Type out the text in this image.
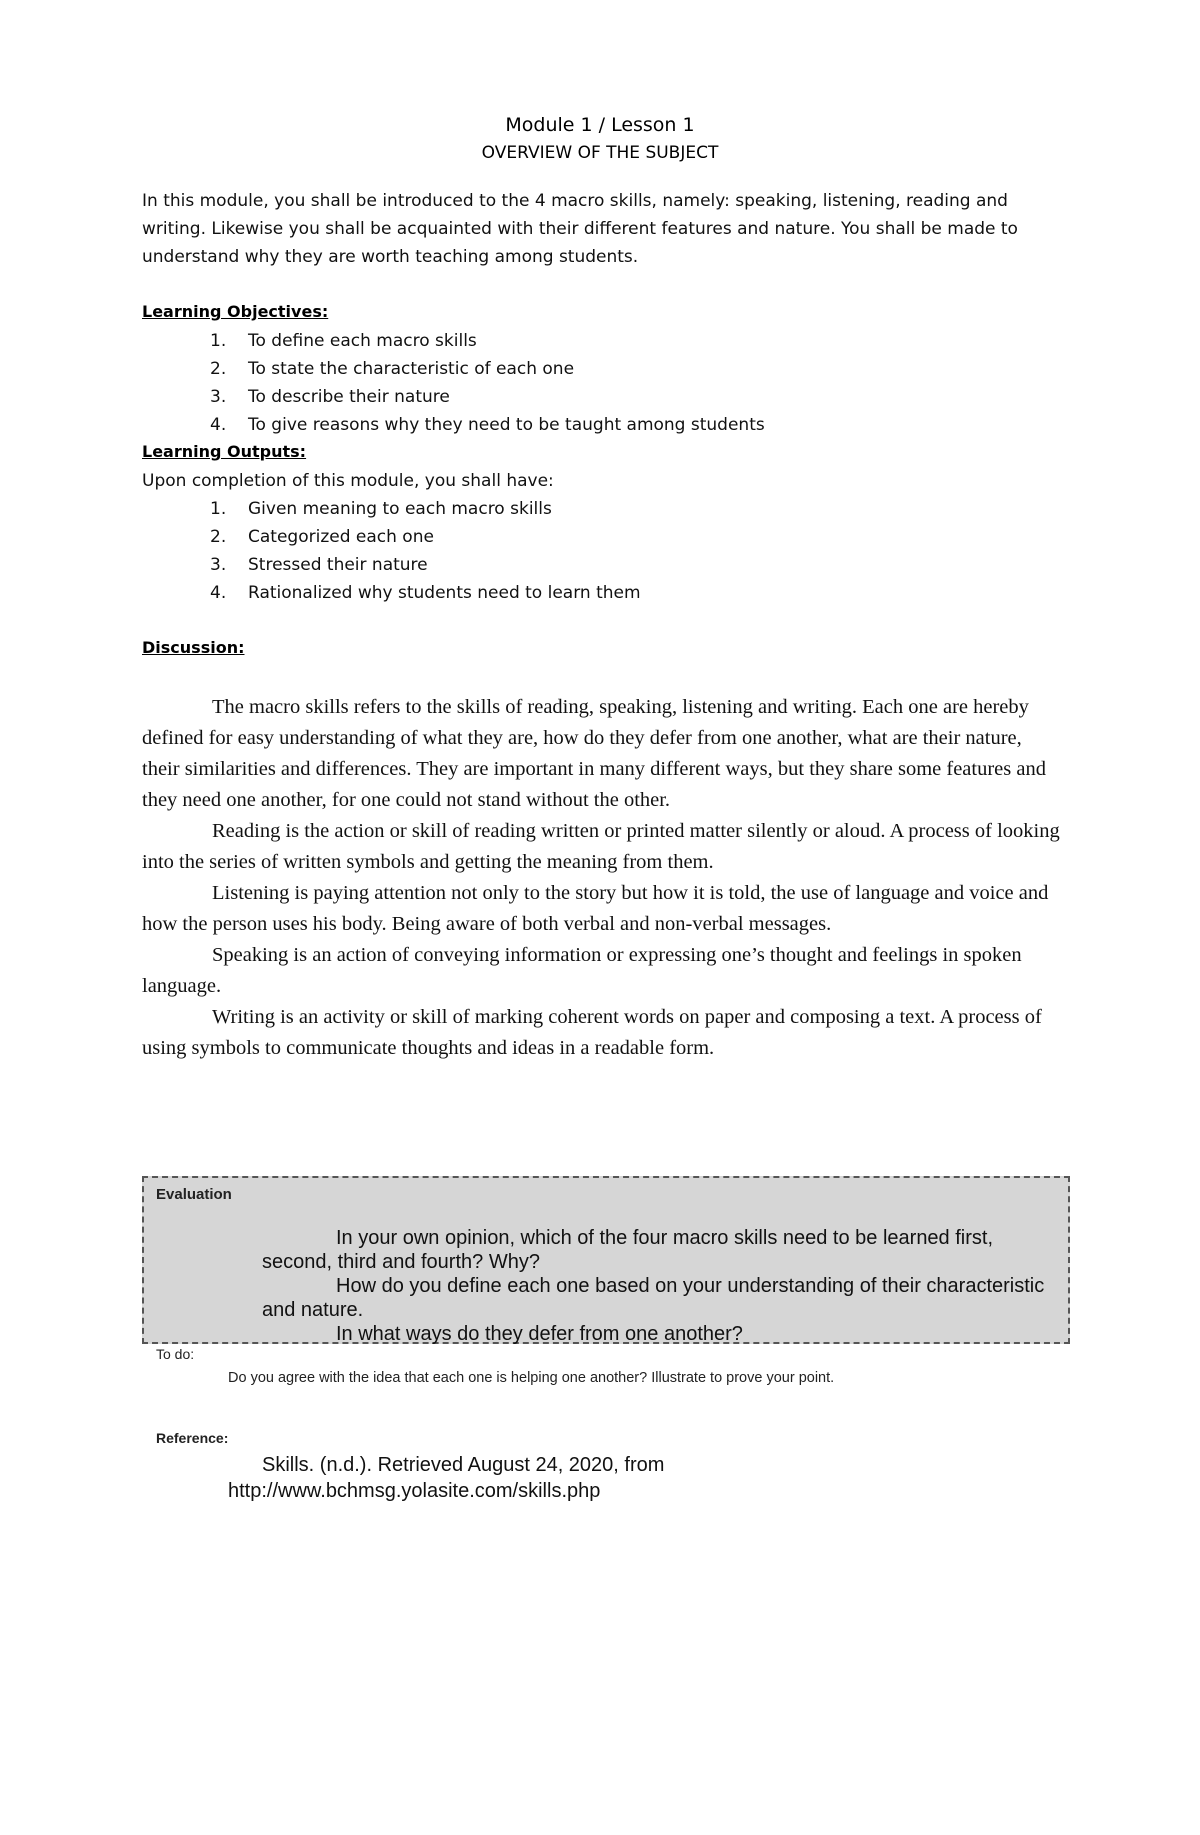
Module 1 / Lesson 1
OVERVIEW OF THE SUBJECT

In this module, you shall be introduced to the 4 macro skills, namely: speaking, listening, reading and writing. Likewise you shall be acquainted with their different features and nature. You shall be made to understand why they are worth teaching among students.

Learning Objectives:
1. To define each macro skills
2. To state the characteristic of each one
3. To describe their nature
4. To give reasons why they need to be taught among students
Learning Outputs:
Upon completion of this module, you shall have:
1. Given meaning to each macro skills
2. Categorized each one
3. Stressed their nature
4. Rationalized why students need to learn them
Discussion:

The macro skills refers to the skills of reading, speaking, listening and writing. Each one are hereby defined for easy understanding of what they are, how do they defer from one another, what are their nature, their similarities and differences. They are important in many different ways, but they share some features and they need one another, for one could not stand without the other.

Reading is the action or skill of reading written or printed matter silently or aloud. A process of looking into the series of written symbols and getting the meaning from them.

Listening is paying attention not only to the story but how it is told, the use of language and voice and how the person uses his body. Being aware of both verbal and non-verbal messages.

Speaking is an action of conveying information or expressing one’s thought and feelings in spoken language.

Writing is an activity or skill of marking coherent words on paper and composing a text. A process of using symbols to communicate thoughts and ideas in a readable form.

Evaluation

In your own opinion, which of the four macro skills need to be learned first, second, third and fourth? Why?

How do you define each one based on your understanding of their characteristic and nature.

In what ways do they defer from one another?

To do:
Do you agree with the idea that each one is helping one another? Illustrate to prove your point.
Reference:
Skills. (n.d.). Retrieved August 24, 2020, from
http://www.bchmsg.yolasite.com/skills.php
